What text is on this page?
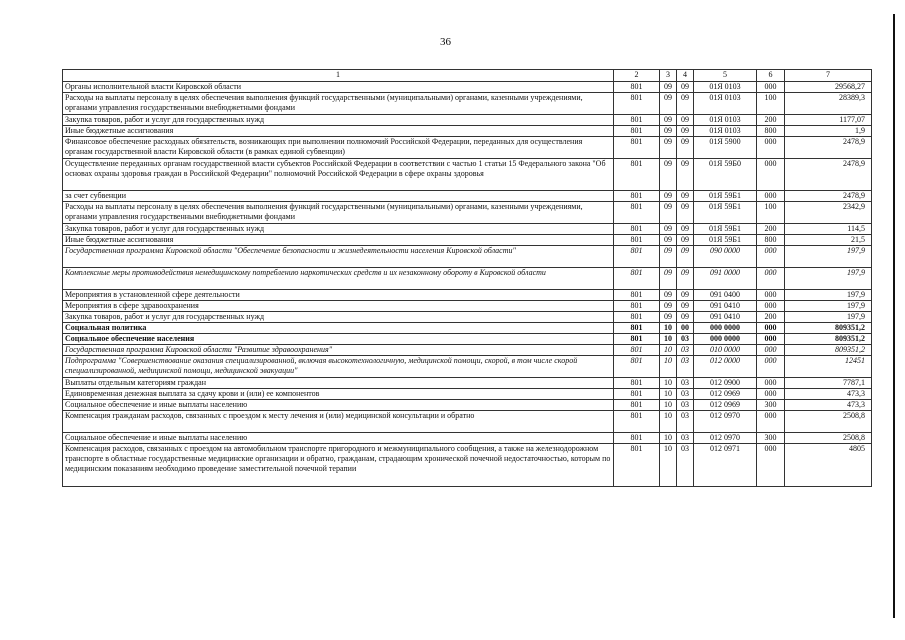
36
1	2	3	4	5	6	7
Органы исполнительной власти Кировской области	801	09	09	01Я 0103	000	29568,27
Расходы на выплаты персоналу в целях обеспечения выполнения функций государственными (муниципальными) органами, казенными учреждениями, органами управления государственными внебюджетными фондами	801	09	09	01Я 0103	100	28389,3
Закупка товаров, работ и услуг для государственных нужд	801	09	09	01Я 0103	200	1177,07
Иные бюджетные ассигнования	801	09	09	01Я 0103	800	1,9
Финансовое обеспечение расходных обязательств, возникающих при выполнении полномочий Российской Федерации, переданных для осуществления органам государственной власти Кировской области (в рамках единой субвенции)	801	09	09	01Я 5900	000	2478,9
Осуществление переданных органам государственной власти субъектов Российской Федерации в соответствии с частью 1 статьи 15 Федерального закона "Об основах охраны здоровья граждан в Российской Федерации" полномочий Российской Федерации в сфере охраны здоровья	801	09	09	01Я 59Б0	000	2478,9
за счет субвенции	801	09	09	01Я 59Б1	000	2478,9
Расходы на выплаты персоналу в целях обеспечения выполнения функций государственными (муниципальными) органами, казенными учреждениями, органами управления государственными внебюджетными фондами	801	09	09	01Я 59Б1	100	2342,9
Закупка товаров, работ и услуг для государственных нужд	801	09	09	01Я 59Б1	200	114,5
Иные бюджетные ассигнования	801	09	09	01Я 59Б1	800	21,5
Государственная программа Кировской области "Обеспечение безопасности и жизнедеятельности населения Кировской области"	801	09	09	090 0000	000	197,9
Комплексные меры противодействия немедицинскому потреблению наркотических средств и их незаконному обороту в Кировской области	801	09	09	091 0000	000	197,9
Мероприятия в установленной сфере деятельности	801	09	09	091 0400	000	197,9
Мероприятия в сфере здравоохранения	801	09	09	091 0410	000	197,9
Закупка товаров, работ и услуг для государственных нужд	801	09	09	091 0410	200	197,9
Социальная политика	801	10	00	000 0000	000	809351,2
Социальное обеспечение населения	801	10	03	000 0000	000	809351,2
Государственная программа Кировской области "Развитие здравоохранения"	801	10	03	010 0000	000	809351,2
Подпрограмма "Совершенствование оказания специализированной, включая высокотехнологичную, медицинской помощи, скорой, в том числе скорой специализированной, медицинской помощи, медицинской эвакуации"	801	10	03	012 0000	000	12451
Выплаты отдельным категориям граждан	801	10	03	012 0900	000	7787,1
Единовременная денежная выплата за сдачу крови и (или) ее компонентов	801	10	03	012 0969	000	473,3
Социальное обеспечение и иные выплаты населению	801	10	03	012 0969	300	473,3
Компенсация гражданам расходов, связанных с проездом к месту лечения и (или) медицинской консультации и обратно	801	10	03	012 0970	000	2508,8
Социальное обеспечение и иные выплаты населению	801	10	03	012 0970	300	2508,8
Компенсация расходов, связанных с проездом на автомобильном транспорте пригородного и межмуниципального сообщения, а также на железнодорожном транспорте в областные государственные медицинские организации и обратно, гражданам, страдающим хронической почечной недостаточностью, которым по медицинским показаниям необходимо проведение заместительной почечной терапии	801	10	03	012 0971	000	4805
